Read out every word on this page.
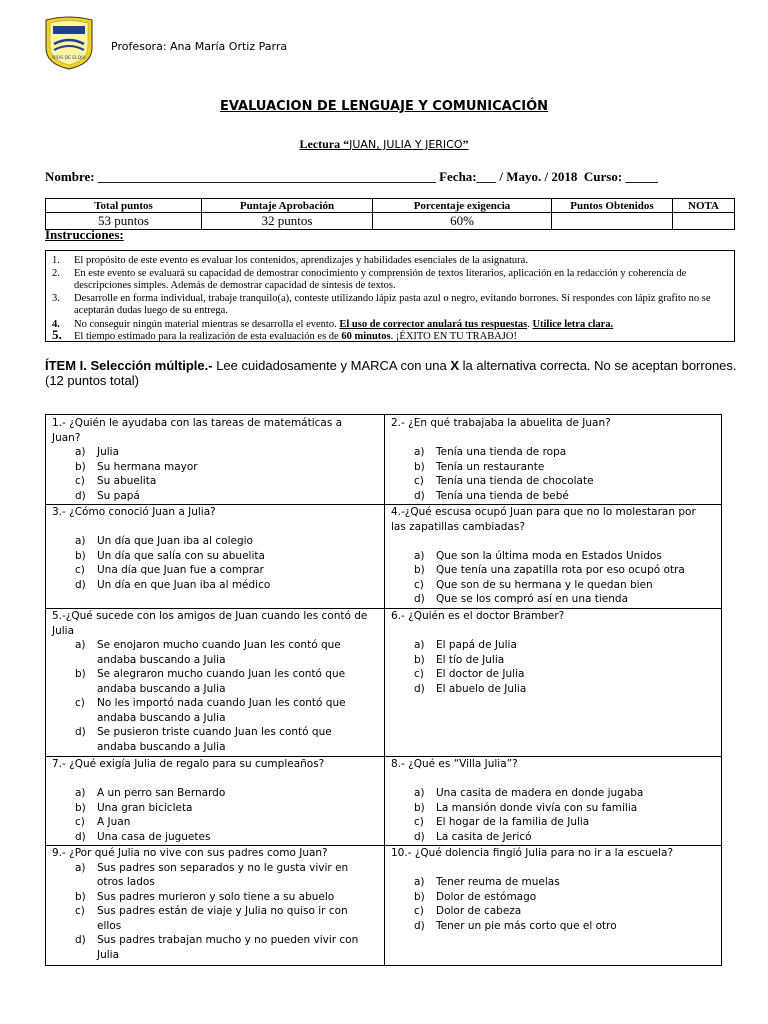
RÍOS DE ELQUI
Profesora: Ana María Ortiz Parra
EVALUACION DE LENGUAJE Y COMUNICACIÓN
Lectura “JUAN, JULIA Y JERICO”
Nombre: ____________________________________________________ Fecha:___ / Mayo. / 2018  Curso: _____
Total puntos	Puntaje Aprobación	Porcentaje exigencia	Puntos Obtenidos	NOTA
53 puntos	32 puntos	60%		
Instrucciones:
1. El propósito de este evento es evaluar los contenidos, aprendizajes y habilidades esenciales de la asignatura.
2. En este evento se evaluará su capacidad de demostrar conocimiento y comprensión de textos literarios, aplicación en la redacción y coherencia de descripciones simples. Además de demostrar capacidad de síntesis de textos.
3. Desarrolle en forma individual, trabaje tranquilo(a), conteste utilizando lápiz pasta azul o negro, evitando borrones. Si respondes con lápiz grafito no se aceptarán dudas luego de su entrega.
4. No conseguir ningún material mientras se desarrolla el evento. El uso de corrector anulará tus respuestas. Utilice letra clara.
5. El tiempo estimado para la realización de esta evaluación es de 60 minutos. ¡ÉXITO EN TU TRABAJO!
ÍTEM I. Selección múltiple.- Lee cuidadosamente y MARCA con una X la alternativa correcta. No se aceptan borrones. (12 puntos total)
1.- ¿Quién le ayudaba con las tareas de matemáticas a Juan?
a) Julia
b) Su hermana mayor
c) Su abuelita
d) Su papá
2.- ¿En qué trabajaba la abuelita de Juan?
a) Tenía una tienda de ropa
b) Tenía un restaurante
c) Tenía una tienda de chocolate
d) Tenía una tienda de bebé
3.- ¿Cómo conoció Juan a Julia?
a) Un día que Juan iba al colegio
b) Un día que salía con su abuelita
c) Una día que Juan fue a comprar
d) Un día en que Juan iba al médico
4.-¿Qué escusa ocupó Juan para que no lo molestaran por las zapatillas cambiadas?
a) Que son la última moda en Estados Unidos
b) Que tenía una zapatilla rota por eso ocupó otra
c) Que son de su hermana y le quedan bien
d) Que se los compró así en una tienda
5.-¿Qué sucede con los amigos de Juan cuando les contó de Julia
a) Se enojaron mucho cuando Juan les contó que andaba buscando a Julia
b) Se alegraron mucho cuando Juan les contó que andaba buscando a Julia
c) No les importó nada cuando Juan les contó que andaba buscando a Julia
d) Se pusieron triste cuando Juan les contó que andaba buscando a Julia
6.- ¿Quién es el doctor Bramber?
a) El papá de Julia
b) El tío de Julia
c) El doctor de Julia
d) El abuelo de Julia
7.- ¿Qué exigía Julia de regalo para su cumpleaños?
a) A un perro san Bernardo
b) Una gran bicicleta
c) A Juan
d) Una casa de juguetes
8.- ¿Qué es “Villa Julia”?
a) Una casita de madera en donde jugaba
b) La mansión donde vivía con su familia
c) El hogar de la familia de Julia
d) La casita de Jericó
9.- ¿Por qué Julia no vive con sus padres como Juan?
a) Sus padres son separados y no le gusta vivir en otros lados
b) Sus padres murieron y solo tiene a su abuelo
c) Sus padres están de viaje y Julia no quiso ir con ellos
d) Sus padres trabajan mucho y no pueden vivir con Julia
10.- ¿Qué dolencia fingió Julia para no ir a la escuela?
a) Tener reuma de muelas
b) Dolor de estómago
c) Dolor de cabeza
d) Tener un pie más corto que el otro
